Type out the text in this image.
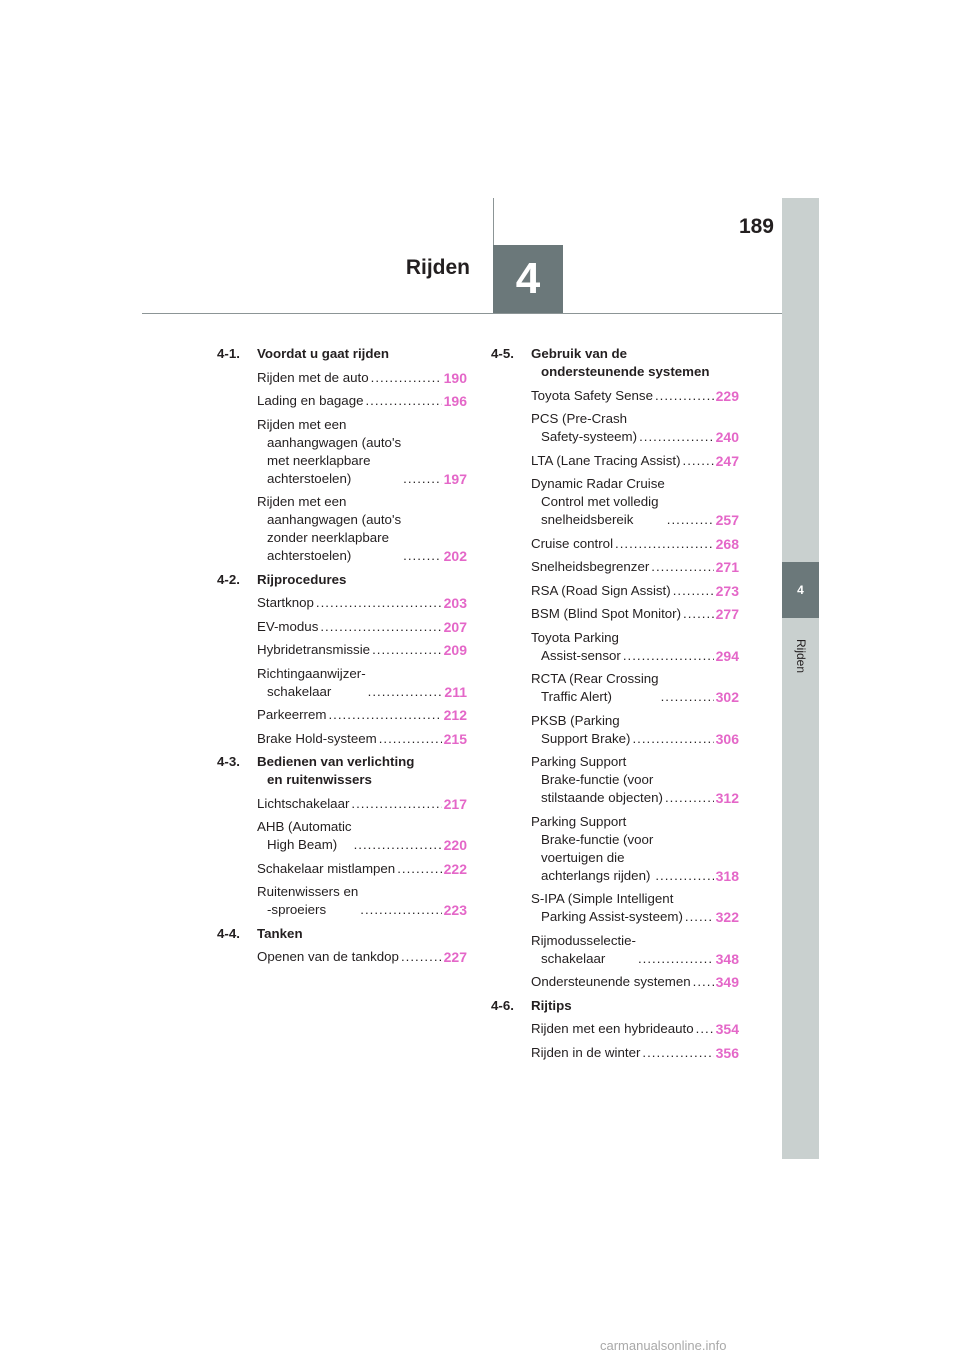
189
Rijden	4
4
Rijden
4-1.	Voordat u gaat rijden
Rijden met de auto .....	190
Lading en bagage .....	196
Rijden met een
aanhangwagen (auto's
met neerklapbare
achterstoelen) .....	197
Rijden met een
aanhangwagen (auto's
zonder neerklapbare
achterstoelen) .....	202
4-2.	Rijprocedures
Startknop .....	203
EV-modus .....	207
Hybridetransmissie .....	209
Richtingaanwijzer-
schakelaar .....	211
Parkeerrem .....	212
Brake Hold-systeem .....	215
4-3.	Bedienen van verlichting
en ruitenwissers
Lichtschakelaar .....	217
AHB (Automatic
High Beam) .....	220
Schakelaar mistlampen .....	222
Ruitenwissers en
-sproeiers .....	223
4-4.	Tanken
Openen van de tankdop .....	227
4-5.	Gebruik van de
ondersteunende systemen
Toyota Safety Sense .....	229
PCS (Pre-Crash
Safety-systeem) .....	240
LTA (Lane Tracing Assist) .....	247
Dynamic Radar Cruise
Control met volledig
snelheidsbereik .....	257
Cruise control .....	268
Snelheidsbegrenzer .....	271
RSA (Road Sign Assist) .....	273
BSM (Blind Spot Monitor) ..... 277
Toyota Parking
Assist-sensor .....	294
RCTA (Rear Crossing
Traffic Alert) .....	302
PKSB (Parking
Support Brake) .....	306
Parking Support
Brake-functie (voor
stilstaande objecten) .....	312
Parking Support
Brake-functie (voor
voertuigen die
achterlangs rijden) .....	318
S-IPA (Simple Intelligent
Parking Assist-systeem) ..... 322
Rijmodusselectie-
schakelaar .....	348
Ondersteunende systemen ..... 349
4-6.	Rijtips
Rijden met een hybrideauto ..... 354
Rijden in de winter .....	356
carmanualsonline.info
